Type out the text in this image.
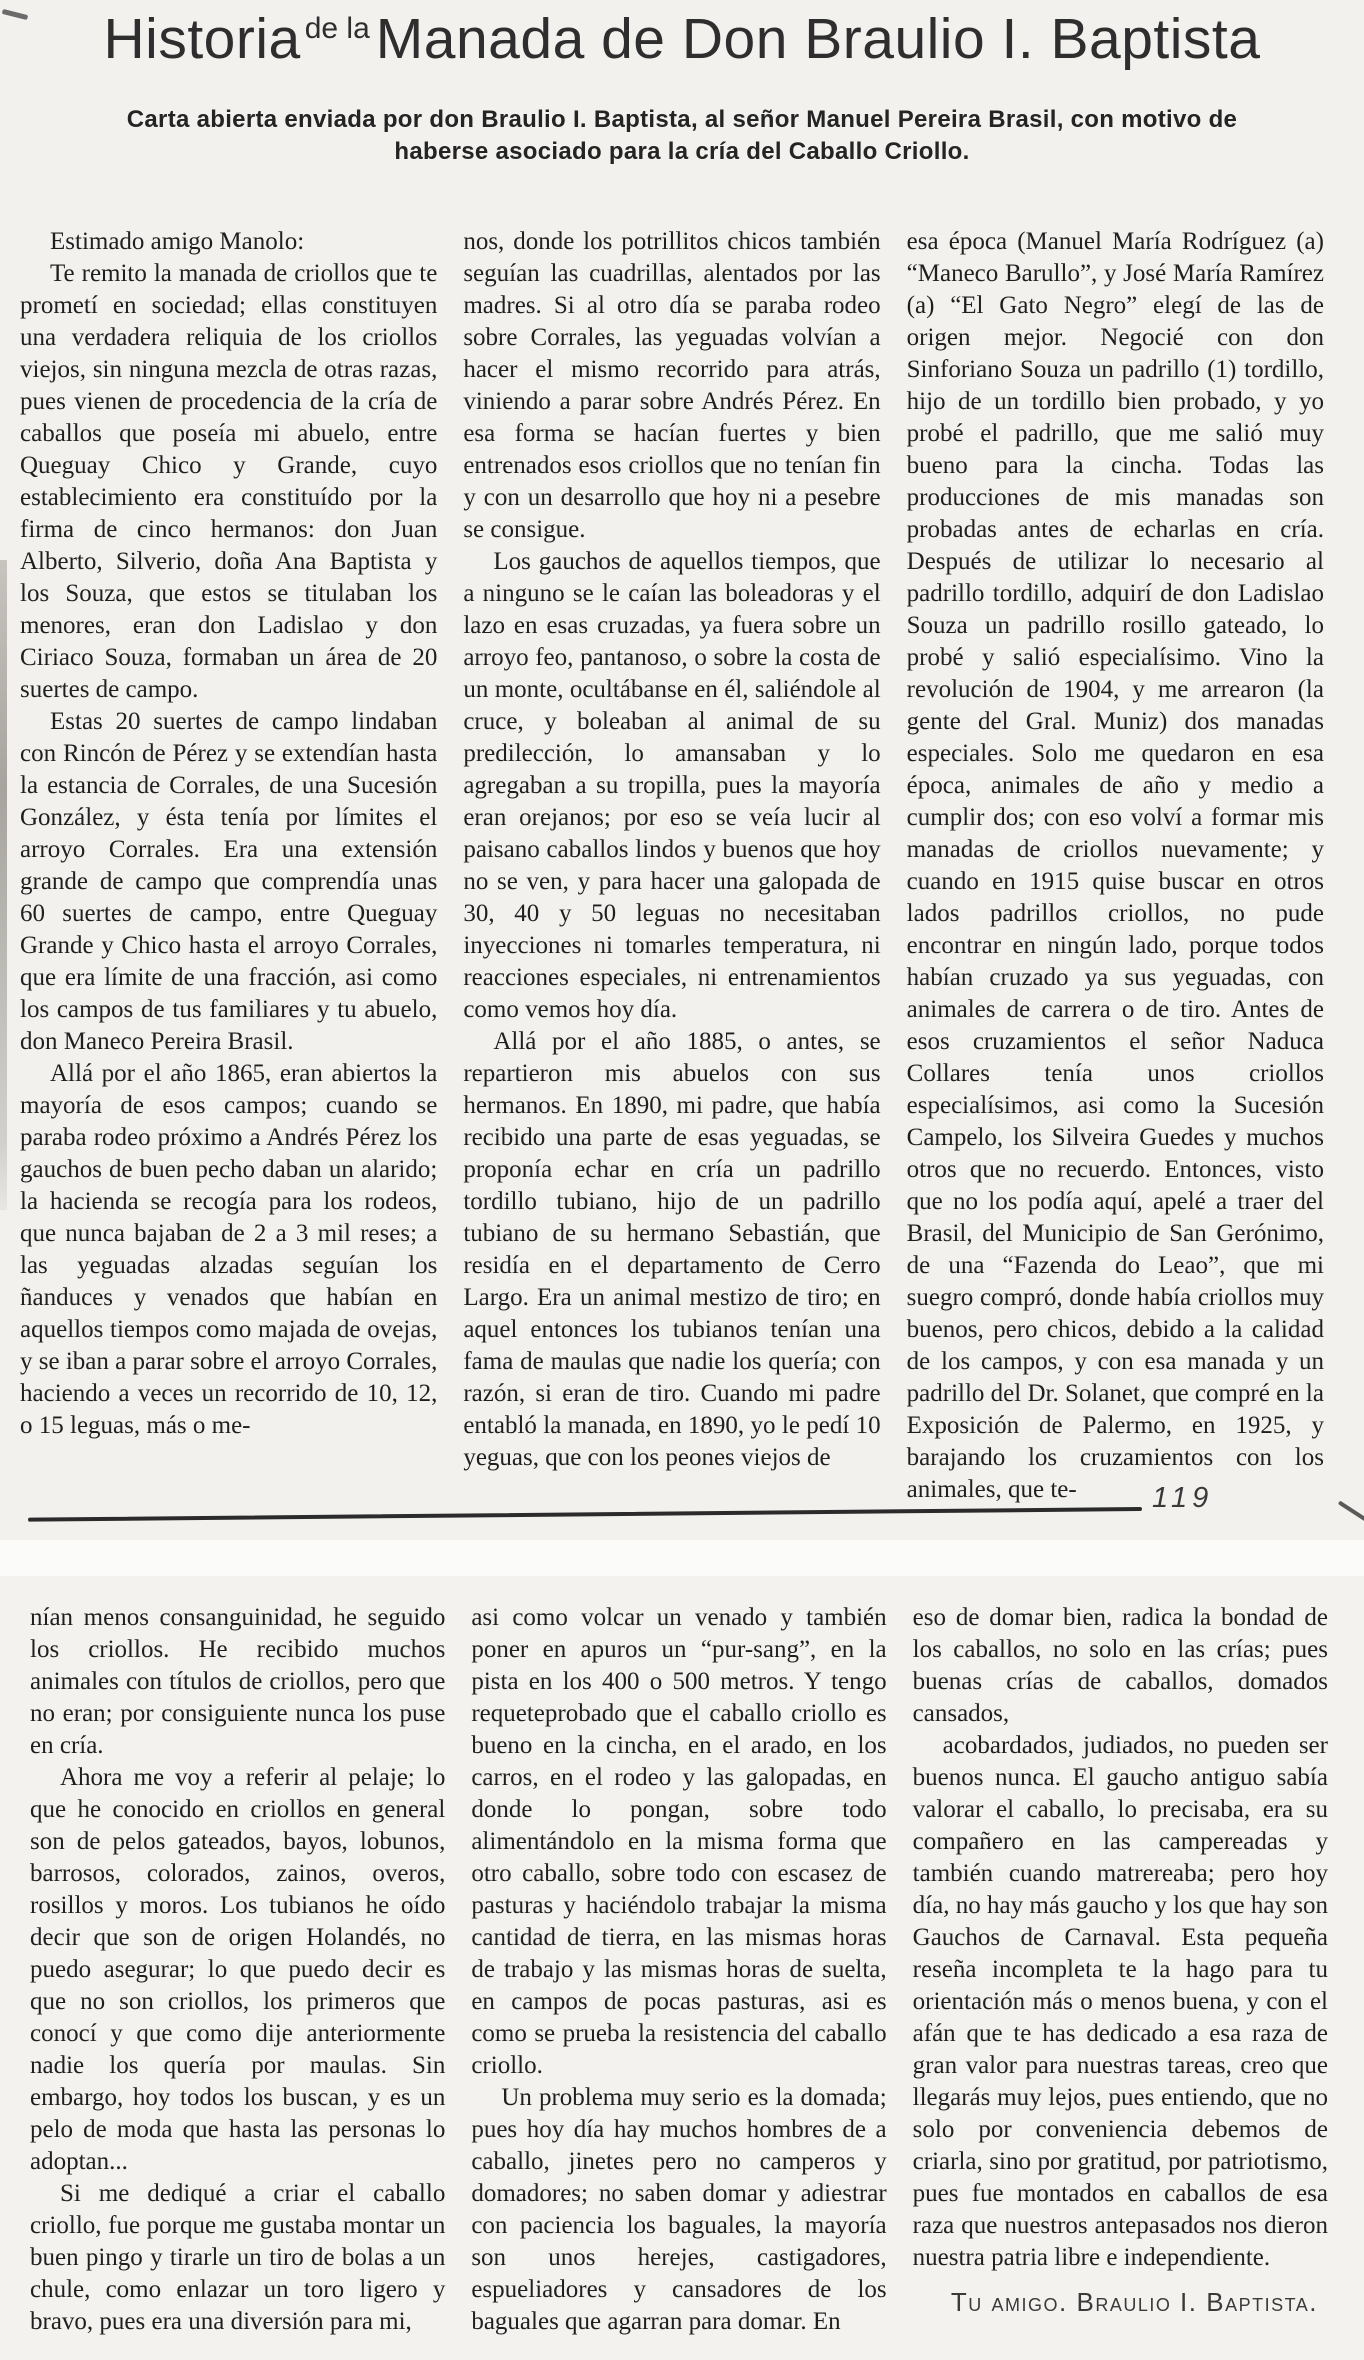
Historia de la Manada de Don Braulio I. Baptista

Carta abierta enviada por don Braulio I. Baptista, al señor Manuel Pereira Brasil, con motivo de haberse asociado para la cría del Caballo Criollo.

Estimado amigo Manolo:

Te remito la manada de criollos que te prometí en sociedad; ellas constituyen una verdadera reliquia de los criollos viejos, sin ninguna mezcla de otras razas, pues vienen de procedencia de la cría de caballos que poseía mi abuelo, entre Queguay Chico y Grande, cuyo establecimiento era constituído por la firma de cinco hermanos: don Juan Alberto, Silverio, doña Ana Baptista y los Souza, que estos se titulaban los menores, eran don Ladislao y don Ciriaco Souza, formaban un área de 20 suertes de campo.

Estas 20 suertes de campo lindaban con Rincón de Pérez y se extendían hasta la estancia de Corrales, de una Sucesión González, y ésta tenía por límites el arroyo Corrales. Era una extensión grande de campo que comprendía unas 60 suertes de campo, entre Queguay Grande y Chico hasta el arroyo Corrales, que era límite de una fracción, asi como los campos de tus familiares y tu abuelo, don Maneco Pereira Brasil.

Allá por el año 1865, eran abiertos la mayoría de esos campos; cuando se paraba rodeo próximo a Andrés Pérez los gauchos de buen pecho daban un alarido; la hacienda se recogía para los rodeos, que nunca bajaban de 2 a 3 mil reses; a las yeguadas alzadas seguían los ñanduces y venados que habían en aquellos tiempos como majada de ovejas, y se iban a parar sobre el arroyo Corrales, haciendo a veces un recorrido de 10, 12, o 15 leguas, más o me-

nos, donde los potrillitos chicos también seguían las cuadrillas, alentados por las madres. Si al otro día se paraba rodeo sobre Corrales, las yeguadas volvían a hacer el mismo recorrido para atrás, viniendo a parar sobre Andrés Pérez. En esa forma se hacían fuertes y bien entrenados esos criollos que no tenían fin y con un desarrollo que hoy ni a pesebre se consigue.

Los gauchos de aquellos tiempos, que a ninguno se le caían las boleadoras y el lazo en esas cruzadas, ya fuera sobre un arroyo feo, pantanoso, o sobre la costa de un monte, ocultábanse en él, saliéndole al cruce, y boleaban al animal de su predilección, lo amansaban y lo agregaban a su tropilla, pues la mayoría eran orejanos; por eso se veía lucir al paisano caballos lindos y buenos que hoy no se ven, y para hacer una galopada de 30, 40 y 50 leguas no necesitaban inyecciones ni tomarles temperatura, ni reacciones especiales, ni entrenamientos como vemos hoy día.

Allá por el año 1885, o antes, se repartieron mis abuelos con sus hermanos. En 1890, mi padre, que había recibido una parte de esas yeguadas, se proponía echar en cría un padrillo tordillo tubiano, hijo de un padrillo tubiano de su hermano Sebastián, que residía en el departamento de Cerro Largo. Era un animal mestizo de tiro; en aquel entonces los tubianos tenían una fama de maulas que nadie los quería; con razón, si eran de tiro. Cuando mi padre entabló la manada, en 1890, yo le pedí 10 yeguas, que con los peones viejos de

esa época (Manuel María Rodríguez (a) “Maneco Barullo”, y José María Ramírez (a) “El Gato Negro” elegí de las de origen mejor. Negocié con don Sinforiano Souza un padrillo (1) tordillo, hijo de un tordillo bien probado, y yo probé el padrillo, que me salió muy bueno para la cincha. Todas las producciones de mis manadas son probadas antes de echarlas en cría. Después de utilizar lo necesario al padrillo tordillo, adquirí de don Ladislao Souza un padrillo rosillo gateado, lo probé y salió especialísimo. Vino la revolución de 1904, y me arrearon (la gente del Gral. Muniz) dos manadas especiales. Solo me quedaron en esa época, animales de año y medio a cumplir dos; con eso volví a formar mis manadas de criollos nuevamente; y cuando en 1915 quise buscar en otros lados padrillos criollos, no pude encontrar en ningún lado, porque todos habían cruzado ya sus yeguadas, con animales de carrera o de tiro. Antes de esos cruzamientos el señor Naduca Collares tenía unos criollos especialísimos, asi como la Sucesión Campelo, los Silveira Guedes y muchos otros que no recuerdo. Entonces, visto que no los podía aquí, apelé a traer del Brasil, del Municipio de San Gerónimo, de una “Fazenda do Leao”, que mi suegro compró, donde había criollos muy buenos, pero chicos, debido a la calidad de los campos, y con esa manada y un padrillo del Dr. Solanet, que compré en la Exposición de Palermo, en 1925, y barajando los cruzamientos con los animales, que te-	119

nían menos consanguinidad, he seguido los criollos. He recibido muchos animales con títulos de criollos, pero que no eran; por consiguiente nunca los puse en cría.

Ahora me voy a referir al pelaje; lo que he conocido en criollos en general son de pelos gateados, bayos, lobunos, barrosos, colorados, zainos, overos, rosillos y moros. Los tubianos he oído decir que son de origen Holandés, no puedo asegurar; lo que puedo decir es que no son criollos, los primeros que conocí y que como dije anteriormente nadie los quería por maulas. Sin embargo, hoy todos los buscan, y es un pelo de moda que hasta las personas lo adoptan...

Si me dediqué a criar el caballo criollo, fue porque me gustaba montar un buen pingo y tirarle un tiro de bolas a un chule, como enlazar un toro ligero y bravo, pues era una diversión para mi,

asi como volcar un venado y también poner en apuros un “pur-sang”, en la pista en los 400 o 500 metros. Y tengo requeteprobado que el caballo criollo es bueno en la cincha, en el arado, en los carros, en el rodeo y las galopadas, en donde lo pongan, sobre todo alimentándolo en la misma forma que otro caballo, sobre todo con escasez de pasturas y haciéndolo trabajar la misma cantidad de tierra, en las mismas horas de trabajo y las mismas horas de suelta, en campos de pocas pasturas, asi es como se prueba la resistencia del caballo criollo.

Un problema muy serio es la domada; pues hoy día hay muchos hombres de a caballo, jinetes pero no camperos y domadores; no saben domar y adiestrar con paciencia los baguales, la mayoría son unos herejes, castigadores, espueliadores y cansadores de los baguales que agarran para domar. En

eso de domar bien, radica la bondad de los caballos, no solo en las crías; pues buenas crías de caballos, domados cansados,

acobardados, judiados, no pueden ser buenos nunca. El gaucho antiguo sabía valorar el caballo, lo precisaba, era su compañero en las campereadas y también cuando matrereaba; pero hoy día, no hay más gaucho y los que hay son Gauchos de Carnaval. Esta pequeña reseña incompleta te la hago para tu orientación más o menos buena, y con el afán que te has dedicado a esa raza de gran valor para nuestras tareas, creo que llegarás muy lejos, pues entiendo, que no solo por conveniencia debemos de criarla, sino por gratitud, por patriotismo, pues fue montados en caballos de esa raza que nuestros antepasados nos dieron nuestra patria libre e independiente.

Tu amigo. Braulio I. Baptista.
